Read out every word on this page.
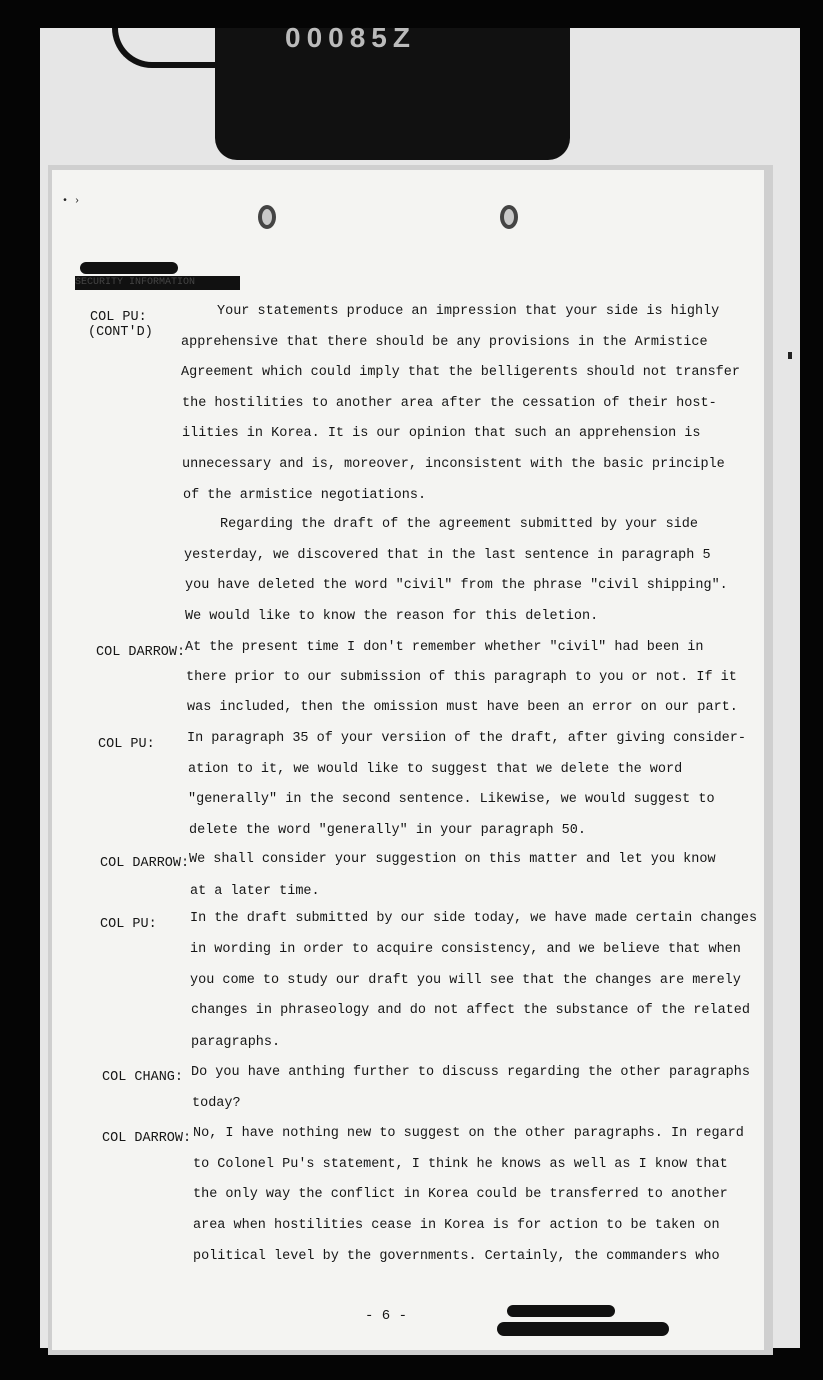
00085Z
• ›
SECURITY INFORMATION
COL PU:
(CONT'D)
COL DARROW:
COL PU:
COL DARROW:
COL PU:
COL CHANG:
COL DARROW:
Your statements produce an impression that your side is highly
apprehensive that there should be any provisions in the Armistice
Agreement which could imply that the belligerents should not transfer
the hostilities to another area after the cessation of their host-
ilities in Korea. It is our opinion that such an apprehension is
unnecessary and is, moreover, inconsistent with the basic principle
of the armistice negotiations.
Regarding the draft of the agreement submitted by your side
yesterday, we discovered that in the last sentence in paragraph 5
you have deleted the word "civil" from the phrase "civil shipping".
We would like to know the reason for this deletion.
At the present time I don't remember whether "civil" had been in
there prior to our submission of this paragraph to you or not. If it
was included, then the omission must have been an error on our part.
In paragraph 35 of your versiion of the draft, after giving consider-
ation to it, we would like to suggest that we delete the word
"generally" in the second sentence. Likewise, we would suggest to
delete the word "generally" in your paragraph 50.
We shall consider your suggestion on this matter and let you know
at a later time.
In the draft submitted by our side today, we have made certain changes
in wording in order to acquire consistency, and we believe that when
you come to study our draft you will see that the changes are merely
changes in phraseology and do not affect the substance of the related
paragraphs.
Do you have anthing further to discuss regarding the other paragraphs
today?
No, I have nothing new to suggest on the other paragraphs. In regard
to Colonel Pu's statement, I think he knows as well as I know that
the only way the conflict in Korea could be transferred to another
area when hostilities cease in Korea is for action to be taken on
political level by the governments. Certainly, the commanders who
- 6 -
